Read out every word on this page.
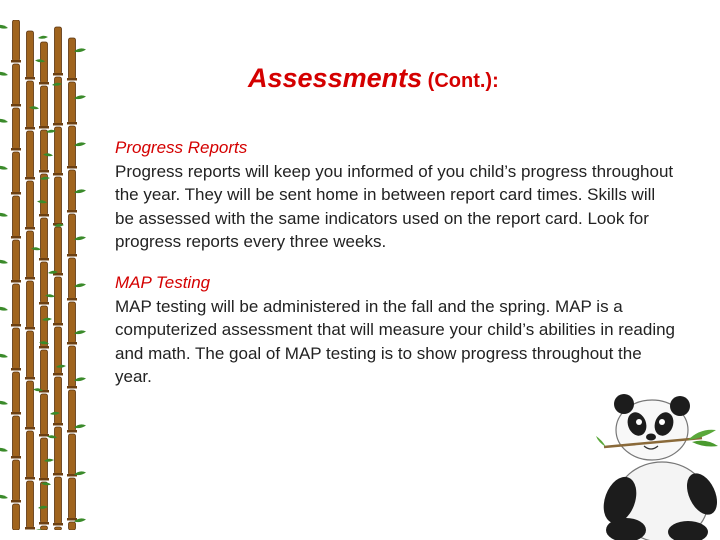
Assessments (Cont.):
Progress Reports
Progress reports will keep you informed of you child’s progress throughout the year. They will be sent home in between report card times. Skills will be assessed with the same indicators used on the report card. Look for progress reports every three weeks.
MAP Testing
MAP testing will be administered in the fall and the spring. MAP is a computerized assessment that will measure your child’s abilities in reading and math. The goal of MAP testing is to show progress throughout the year.
